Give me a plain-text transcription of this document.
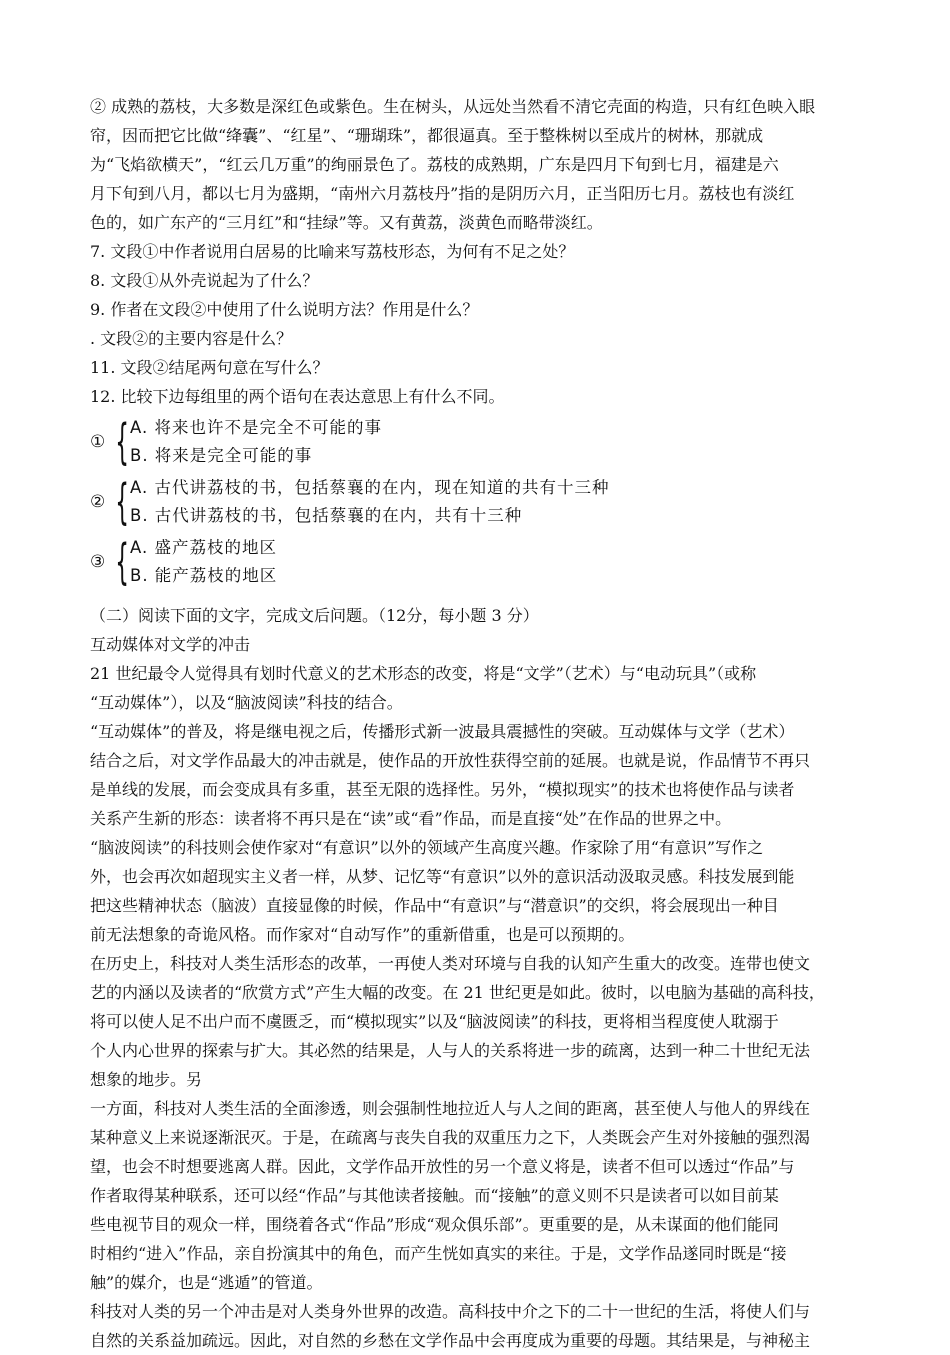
② 成熟的荔枝，大多数是深红色或紫色。生在树头，从远处当然看不清它壳面的构造，只有红色映入眼

帘，因而把它比做“绛囊”、“红星”、“珊瑚珠”，都很逼真。至于整株树以至成片的树林，那就成

为“飞焰欲横天”，“红云几万重”的绚丽景色了。荔枝的成熟期，广东是四月下旬到七月，福建是六

月下旬到八月，都以七月为盛期，“南州六月荔枝丹”指的是阴历六月，正当阳历七月。荔枝也有淡红

色的，如广东产的“三月红”和“挂绿”等。又有黄荔，淡黄色而略带淡红。

7. 文段①中作者说用白居易的比喻来写荔枝形态，为何有不足之处？

8. 文段①从外壳说起为了什么？

9. 作者在文段②中使用了什么说明方法？作用是什么？

. 文段②的主要内容是什么？

11. 文段②结尾两句意在写什么？

12. 比较下边每组里的两个语句在表达意思上有什么不同。

① { A. 将来也许不是完全不可能的事
B. 将来是完全可能的事
② { A. 古代讲荔枝的书，包括蔡襄的在内，现在知道的共有十三种
B. 古代讲荔枝的书，包括蔡襄的在内，共有十三种
③ { A. 盛产荔枝的地区
B. 能产荔枝的地区

（二）阅读下面的文字，完成文后问题。（12分，每小题 3 分）

互动媒体对文学的冲击

21 世纪最令人觉得具有划时代意义的艺术形态的改变，将是“文学”（艺术）与“电动玩具”（或称

“互动媒体”），以及“脑波阅读”科技的结合。

“互动媒体”的普及，将是继电视之后，传播形式新一波最具震撼性的突破。互动媒体与文学（艺术）

结合之后，对文学作品最大的冲击就是，使作品的开放性获得空前的延展。也就是说，作品情节不再只

是单线的发展，而会变成具有多重，甚至无限的选择性。另外，“模拟现实”的技术也将使作品与读者

关系产生新的形态：读者将不再只是在“读”或“看”作品，而是直接“处”在作品的世界之中。

“脑波阅读”的科技则会使作家对“有意识”以外的领域产生高度兴趣。作家除了用“有意识”写作之

外，也会再次如超现实主义者一样，从梦、记忆等“有意识”以外的意识活动汲取灵感。科技发展到能

把这些精神状态（脑波）直接显像的时候，作品中“有意识”与“潜意识”的交织，将会展现出一种目

前无法想象的奇诡风格。而作家对“自动写作”的重新借重，也是可以预期的。

在历史上，科技对人类生活形态的改革，一再使人类对环境与自我的认知产生重大的改变。连带也使文

艺的内涵以及读者的“欣赏方式”产生大幅的改变。在 21 世纪更是如此。彼时，以电脑为基础的高科技，

将可以使人足不出户而不虞匮乏，而“模拟现实”以及“脑波阅读”的科技，更将相当程度使人耽溺于

个人内心世界的探索与扩大。其必然的结果是，人与人的关系将进一步的疏离，达到一种二十世纪无法

想象的地步。另

一方面，科技对人类生活的全面渗透，则会强制性地拉近人与人之间的距离，甚至使人与他人的界线在

某种意义上来说逐渐泯灭。于是，在疏离与丧失自我的双重压力之下，人类既会产生对外接触的强烈渴

望，也会不时想要逃离人群。因此，文学作品开放性的另一个意义将是，读者不但可以透过“作品”与

作者取得某种联系，还可以经“作品”与其他读者接触。而“接触”的意义则不只是读者可以如目前某

些电视节目的观众一样，围绕着各式“作品”形成“观众俱乐部”。更重要的是，从未谋面的他们能同

时相约“进入”作品，亲自扮演其中的角色，而产生恍如真实的来往。于是，文学作品遂同时既是“接

触”的媒介，也是“逃遁”的管道。

科技对人类的另一个冲击是对人类身外世界的改造。高科技中介之下的二十一世纪的生活，将使人们与

自然的关系益加疏远。因此，对自然的乡愁在文学作品中会再度成为重要的母题。其结果是，与神秘主
